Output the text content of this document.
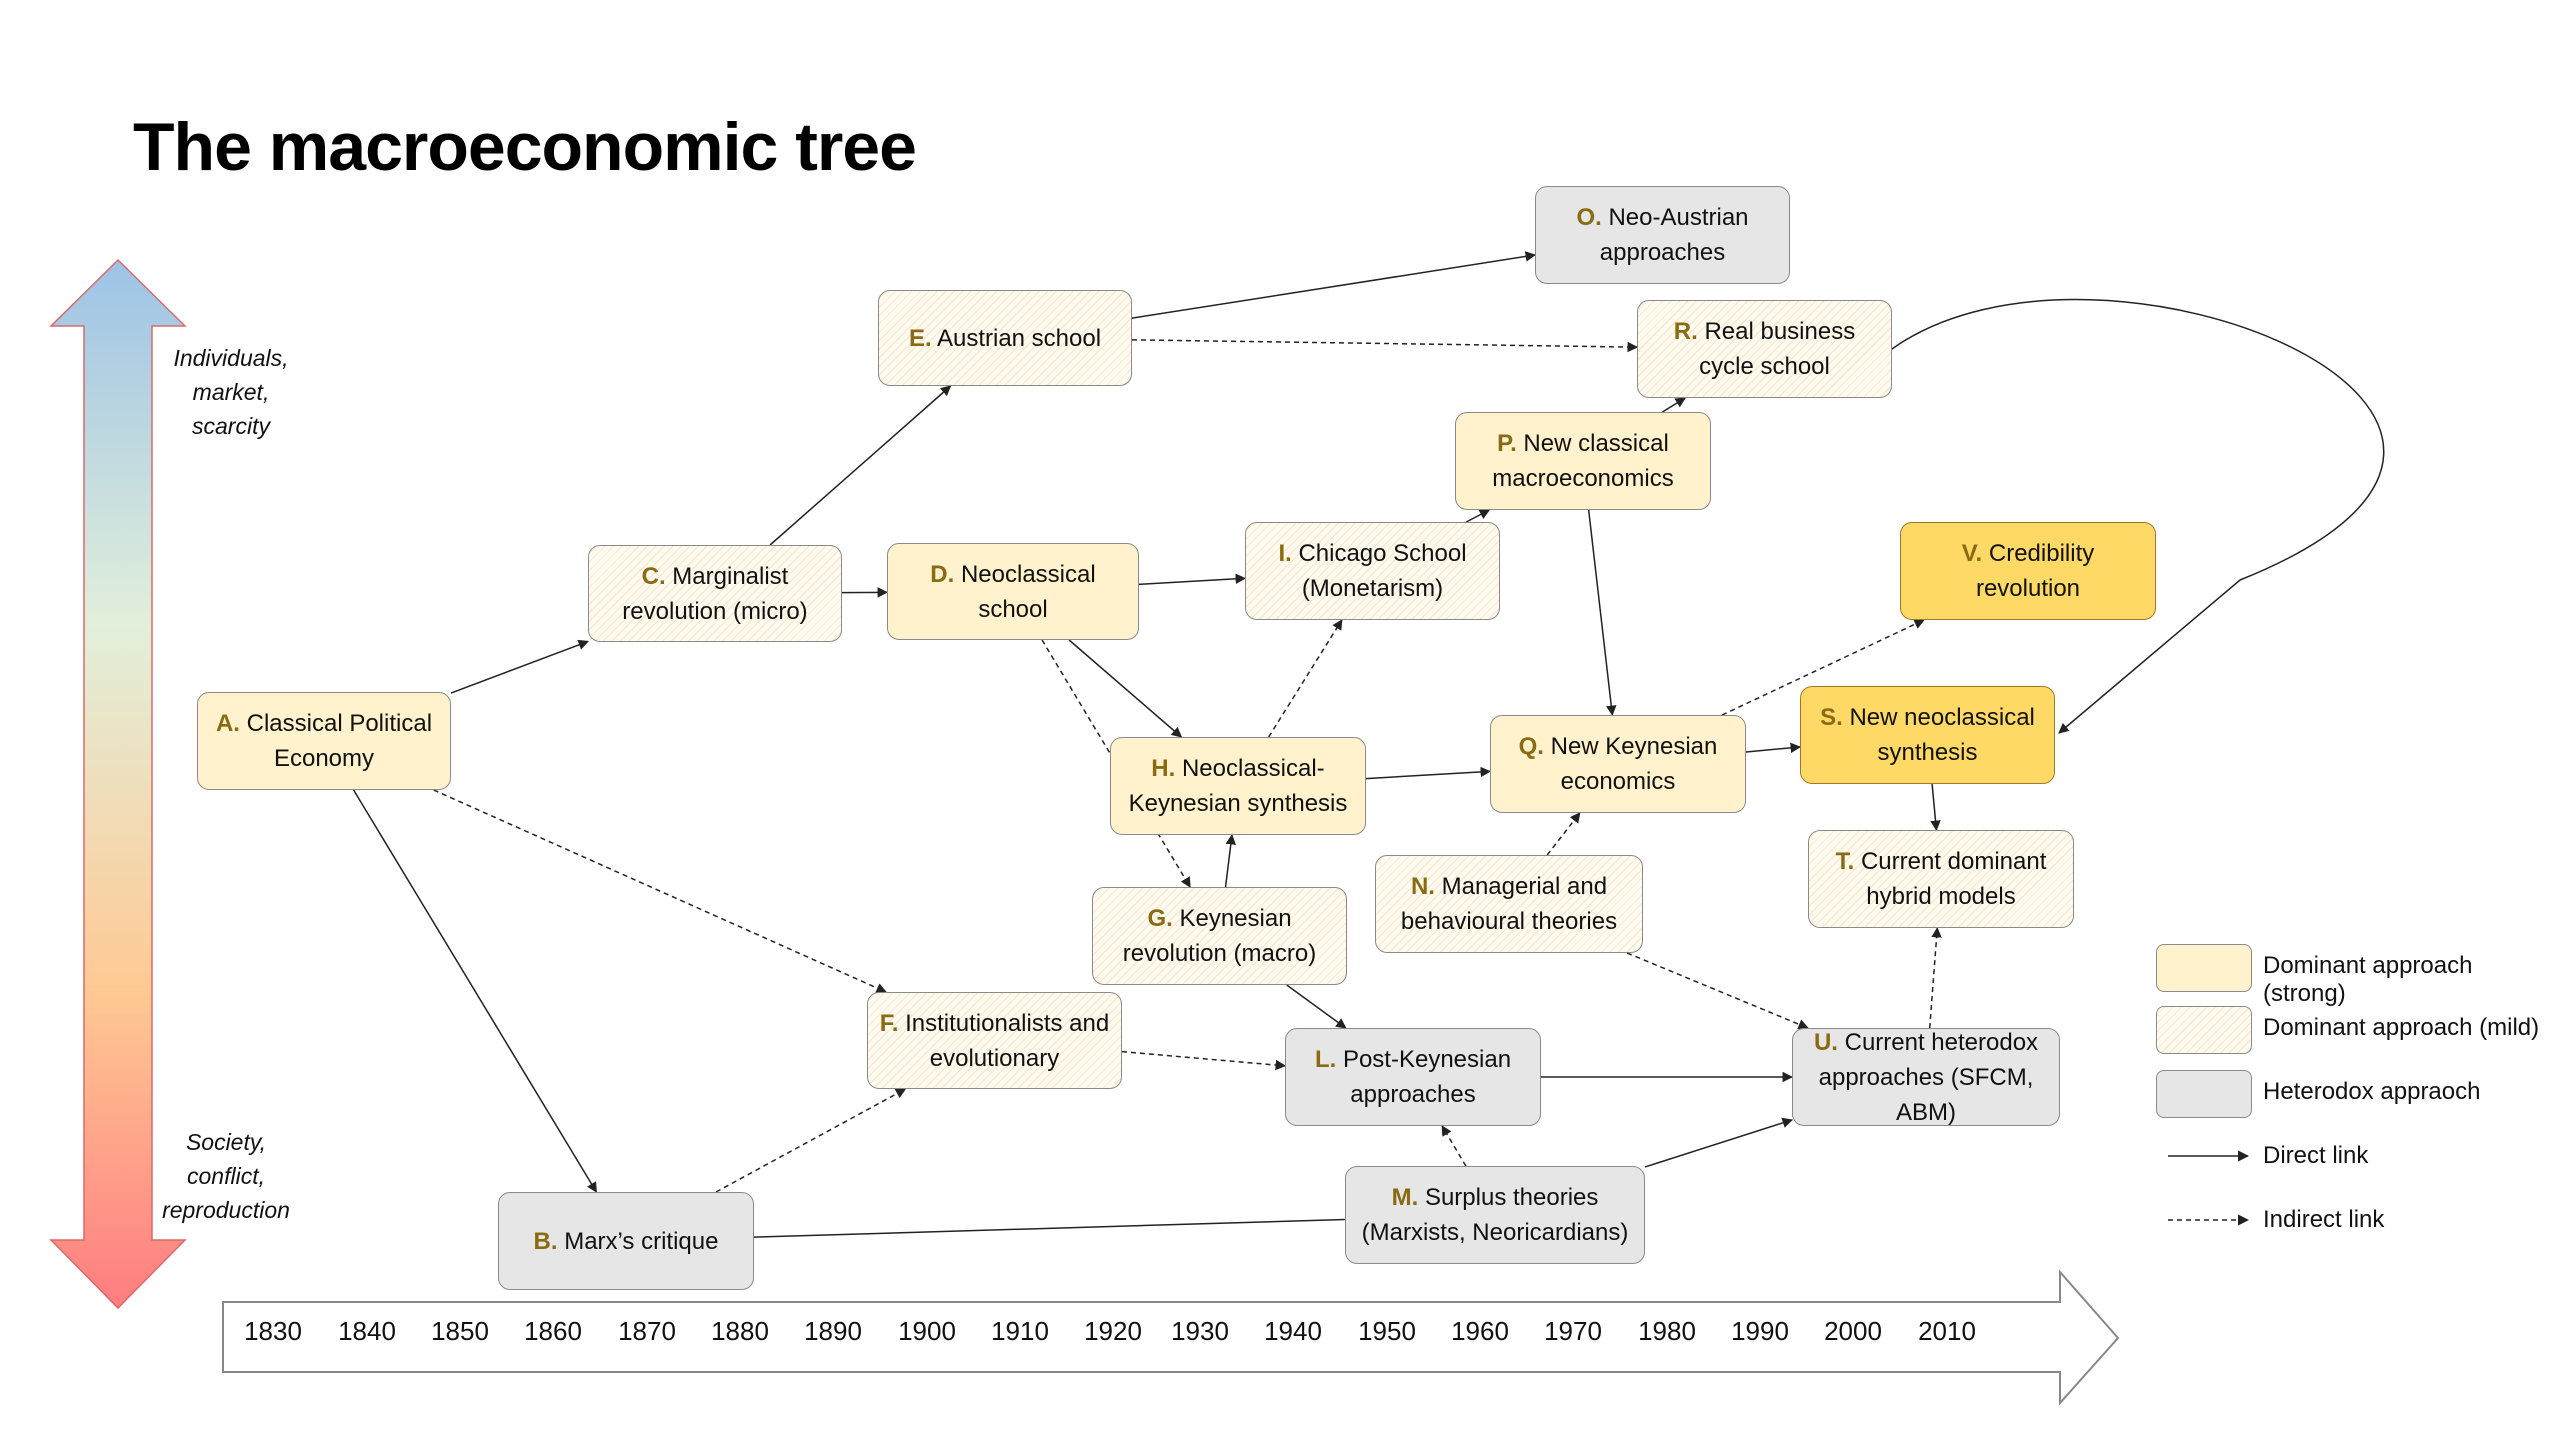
The macroeconomic tree
Individuals,
market,
scarcity
Society,
conflict,
reproduction
1830	1840	1850	1860	1870	1880	1890	1900	1910	1920	1930	1940	1950	1960	1970	1980	1990	2000	2010
A. Classical Political Economy
B. Marx’s critique
C. Marginalist revolution (micro)
D. Neoclassical school
E. Austrian school
F. Institutionalists and evolutionary
G. Keynesian revolution (macro)
H. Neoclassical-Keynesian synthesis
I. Chicago School (Monetarism)
L. Post-Keynesian approaches
M. Surplus theories (Marxists, Neoricardians)
N. Managerial and behavioural theories
O. Neo-Austrian approaches
P. New classical macroeconomics
Q. New Keynesian economics
R. Real business cycle school
S. New neoclassical synthesis
T. Current dominant hybrid models
U. Current heterodox approaches (SFCM, ABM)
V. Credibility revolution
Dominant approach (strong)
Dominant approach (mild)
Heterodox appraoch
Direct link
Indirect link
